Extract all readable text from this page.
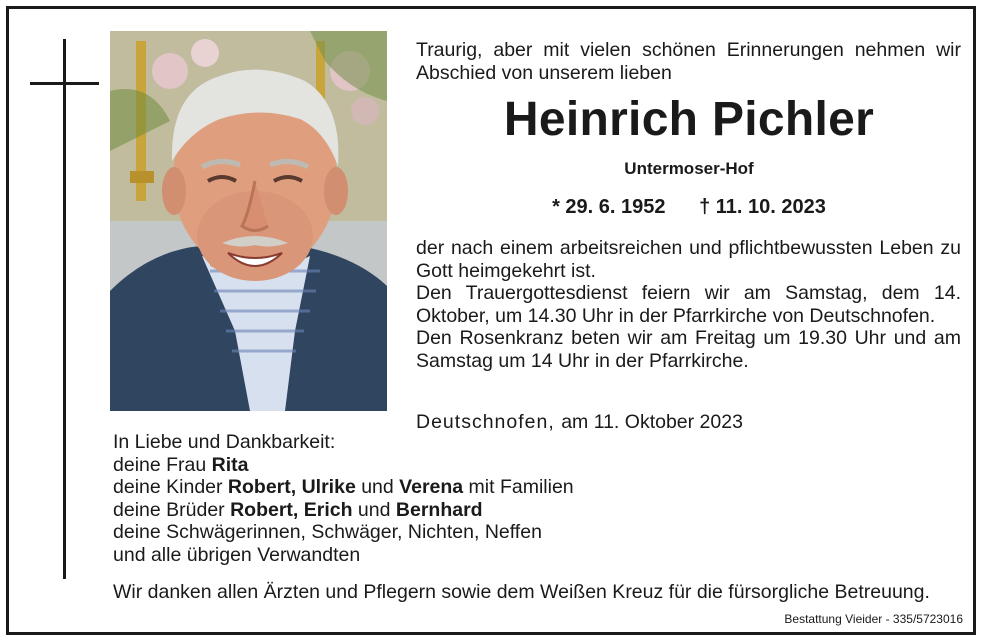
Traurig, aber mit vielen schönen Erinnerungen nehmen wir Abschied von unserem lieben
Heinrich Pichler
Untermoser-Hof
* 29. 6. 1952 † 11. 10. 2023
der nach einem arbeitsreichen und pflichtbewussten Leben zu Gott heimgekehrt ist.
Den Trauergottesdienst feiern wir am Samstag, dem 14. Oktober, um 14.30 Uhr in der Pfarrkirche von Deutschnofen.
Den Rosenkranz beten wir am Freitag um 19.30 Uhr und am Samstag um 14 Uhr in der Pfarrkirche.
Deutschnofen, am 11. Oktober 2023
In Liebe und Dankbarkeit:
deine Frau Rita
deine Kinder Robert, Ulrike und Verena mit Familien
deine Brüder Robert, Erich und Bernhard
deine Schwägerinnen, Schwäger, Nichten, Neffen
und alle übrigen Verwandten
Wir danken allen Ärzten und Pflegern sowie dem Weißen Kreuz für die fürsorgliche Betreuung.
Bestattung Vieider - 335/5723016
